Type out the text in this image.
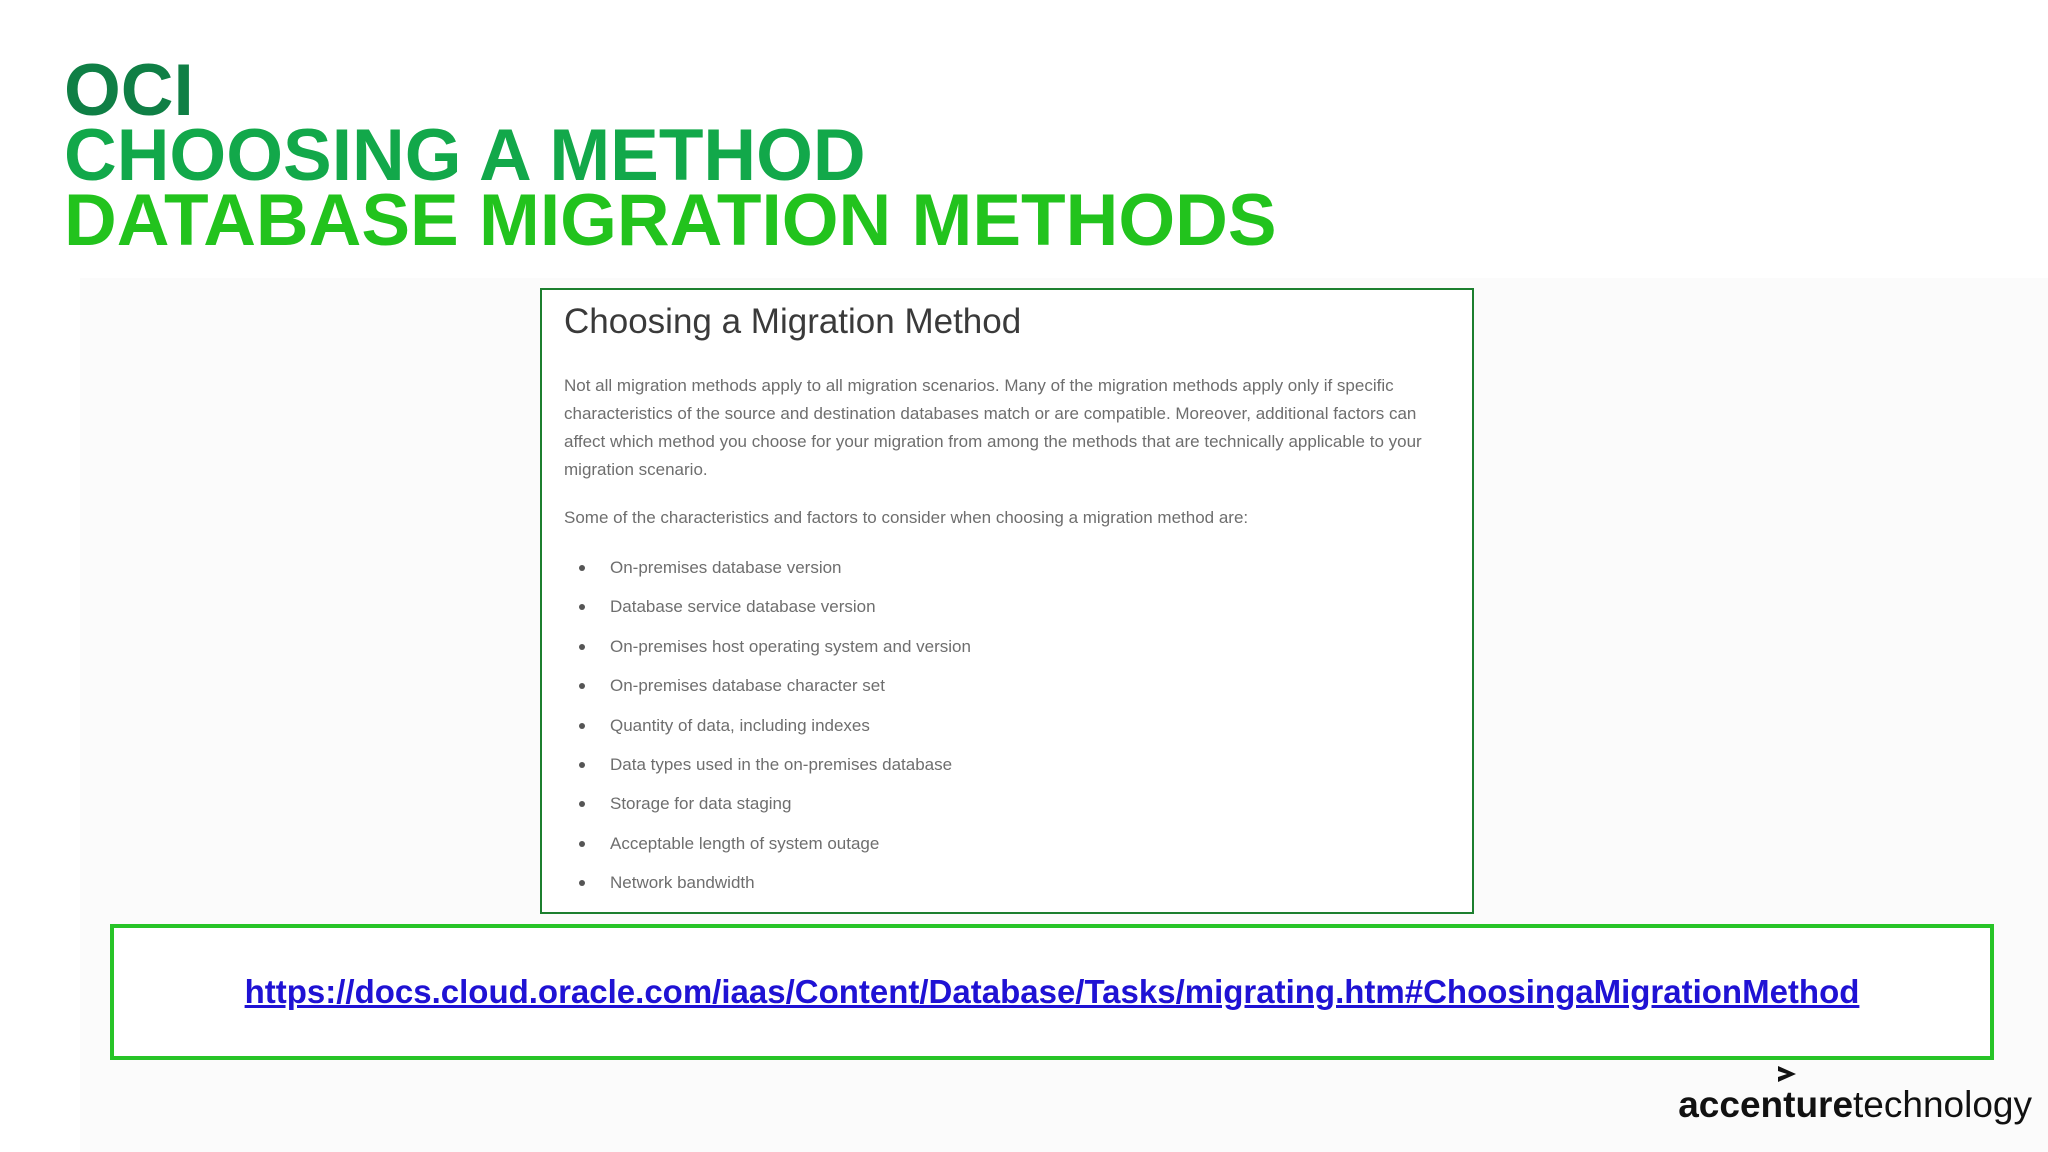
OCI
CHOOSING A METHOD
DATABASE MIGRATION METHODS
Choosing a Migration Method
Not all migration methods apply to all migration scenarios. Many of the migration methods apply only if specific characteristics of the source and destination databases match or are compatible. Moreover, additional factors can affect which method you choose for your migration from among the methods that are technically applicable to your migration scenario.
Some of the characteristics and factors to consider when choosing a migration method are:
On-premises database version
Database service database version
On-premises host operating system and version
On-premises database character set
Quantity of data, including indexes
Data types used in the on-premises database
Storage for data staging
Acceptable length of system outage
Network bandwidth
https://docs.cloud.oracle.com/iaas/Content/Database/Tasks/migrating.htm#ChoosingaMigrationMethod
accenturetechnology
